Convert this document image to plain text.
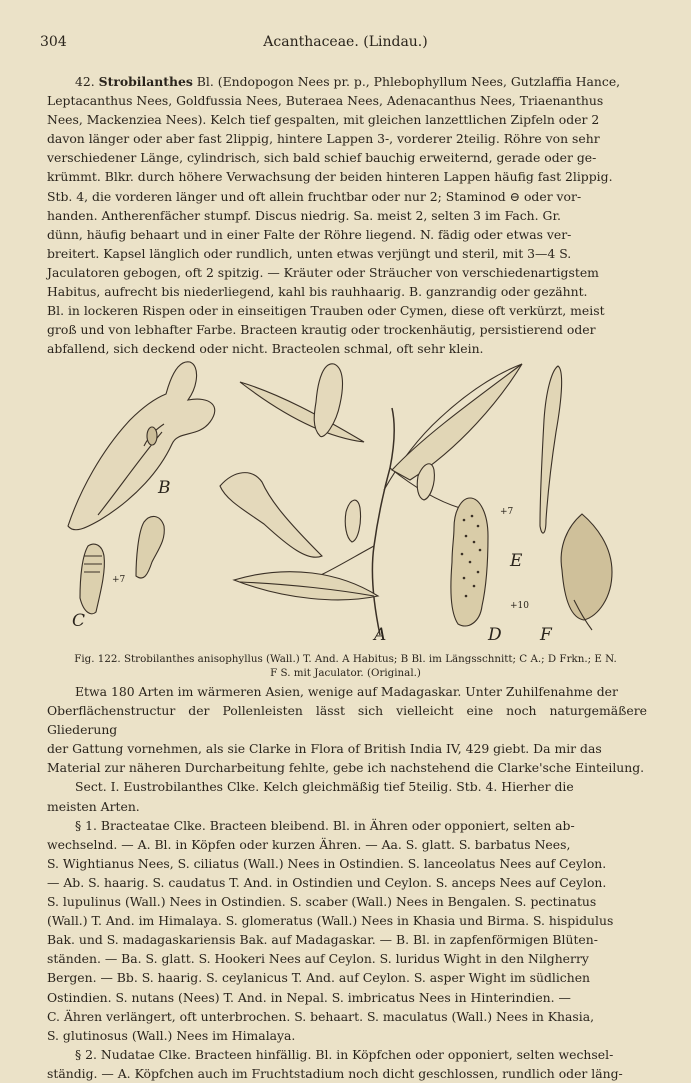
304	Acanthaceae. (Lindau.)

42. Strobilanthes Bl. (Endopogon Nees pr. p., Phlebophyllum Nees, Gutzlaffia Hance,

Leptacanthus Nees, Goldfussia Nees, Buteraea Nees, Adenacanthus Nees, Triaenanthus
Nees, Mackenziea Nees). Kelch tief gespalten, mit gleichen lanzettlichen Zipfeln oder 2
davon länger oder aber fast 2lippig, hintere Lappen 3-, vorderer 2teilig. Röhre von sehr
verschiedener Länge, cylindrisch, sich bald schief bauchig erweiternd, gerade oder ge-
krümmt. Blkr. durch höhere Verwachsung der beiden hinteren Lappen häufig fast 2lippig.
Stb. 4, die vorderen länger und oft allein fruchtbar oder nur 2; Staminod ⊖ oder vor-
handen. Antherenfächer stumpf. Discus niedrig. Sa. meist 2, selten 3 im Fach. Gr.
dünn, häufig behaart und in einer Falte der Röhre liegend. N. fädig oder etwas ver-
breitert. Kapsel länglich oder rundlich, unten etwas verjüngt und steril, mit 3—4 S.
Jaculatoren gebogen, oft 2 spitzig. — Kräuter oder Sträucher von verschiedenartigstem
Habitus, aufrecht bis niederliegend, kahl bis rauhhaarig. B. ganzrandig oder gezähnt.
Bl. in lockeren Rispen oder in einseitigen Trauben oder Cymen, diese oft verkürzt, meist
groß und von lebhafter Farbe. Bracteen krautig oder trockenhäutig, persistierend oder
abfallend, sich deckend oder nicht. Bracteolen schmal, oft sehr klein.
B
C
+7
A	D
+10
E
+7
F
Fig. 122. Strobilanthes anisophyllus (Wall.) T. And. A Habitus; B Bl. im Längsschnitt; C A.; D Frkn.; E N.
F S. mit Jaculator. (Original.)

Etwa 180 Arten im wärmeren Asien, wenige auf Madagaskar. Unter Zuhilfenahme der

Oberflächenstructur der Pollenleisten lässt sich vielleicht eine noch naturgemäßere Gliederung
der Gattung vornehmen, als sie Clarke in Flora of British India IV, 429 giebt. Da mir das
Material zur näheren Durcharbeitung fehlte, gebe ich nachstehend die Clarke'sche Einteilung.

Sect. I. Eustrobilanthes Clke. Kelch gleichmäßig tief 5teilig. Stb. 4. Hierher die

meisten Arten.

§ 1. Bracteatae Clke. Bracteen bleibend. Bl. in Ähren oder opponiert, selten ab-

wechselnd. — A. Bl. in Köpfen oder kurzen Ähren. — Aa. S. glatt. S. barbatus Nees,
S. Wightianus Nees, S. ciliatus (Wall.) Nees in Ostindien. S. lanceolatus Nees auf Ceylon.
— Ab. S. haarig. S. caudatus T. And. in Ostindien und Ceylon. S. anceps Nees auf Ceylon.
S. lupulinus (Wall.) Nees in Ostindien. S. scaber (Wall.) Nees in Bengalen. S. pectinatus
(Wall.) T. And. im Himalaya. S. glomeratus (Wall.) Nees in Khasia und Birma. S. hispidulus
Bak. und S. madagaskariensis Bak. auf Madagaskar. — B. Bl. in zapfenförmigen Blüten-
ständen. — Ba. S. glatt. S. Hookeri Nees auf Ceylon. S. luridus Wight in den Nilgherry
Bergen. — Bb. S. haarig. S. ceylanicus T. And. auf Ceylon. S. asper Wight im südlichen
Ostindien. S. nutans (Nees) T. And. in Nepal. S. imbricatus Nees in Hinterindien. —
C. Ähren verlängert, oft unterbrochen. S. behaart. S. maculatus (Wall.) Nees in Khasia,
S. glutinosus (Wall.) Nees im Himalaya.

§ 2. Nudatae Clke. Bracteen hinfällig. Bl. in Köpfchen oder opponiert, selten wechsel-

ständig. — A. Köpfchen auch im Fruchtstadium noch dicht geschlossen, rundlich oder läng-
